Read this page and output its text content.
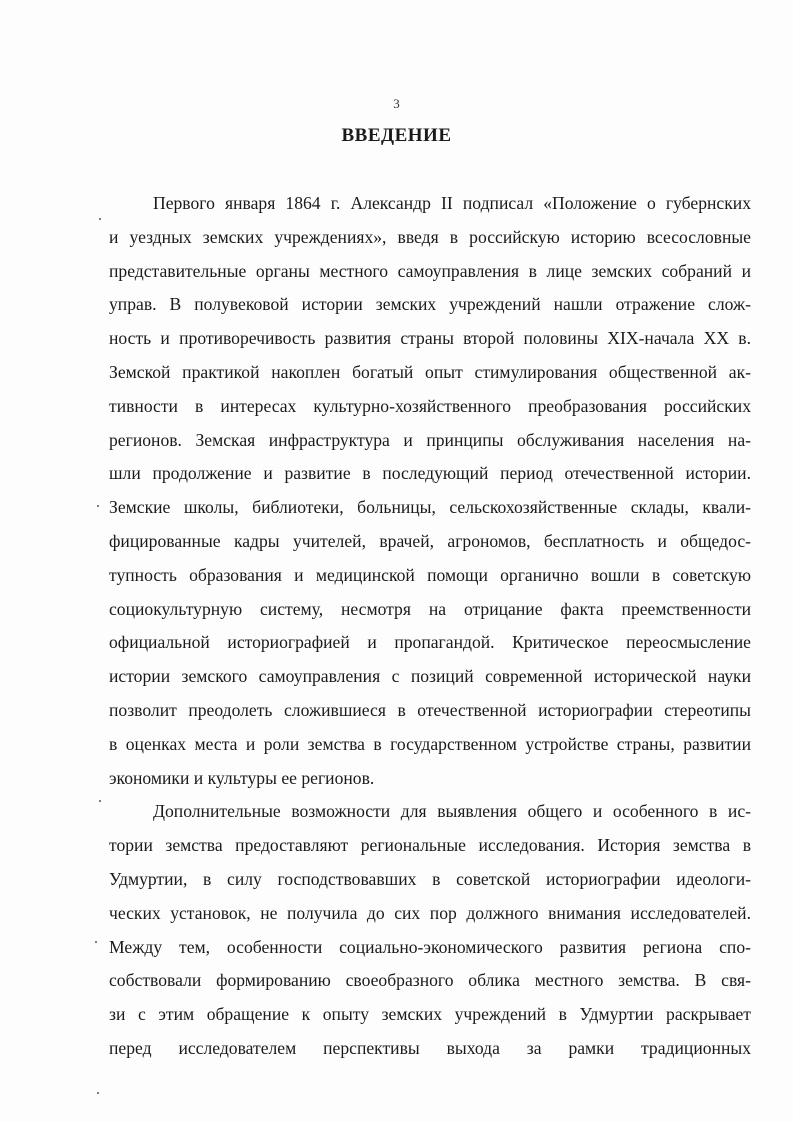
3
ВВЕДЕНИЕ
Первого января 1864 г. Александр II подписал «Положение о губернских
и уездных земских учреждениях», введя в российскую историю всесословные
представительные органы местного самоуправления в лице земских собраний и
управ. В полувековой истории земских учреждений нашли отражение слож-
ность и противоречивость развития страны второй половины XIX-начала XX в.
Земской практикой накоплен богатый опыт стимулирования общественной ак-
тивности в интересах культурно-хозяйственного преобразования российских
регионов. Земская инфраструктура и принципы обслуживания населения на-
шли продолжение и развитие в последующий период отечественной истории.
Земские школы, библиотеки, больницы, сельскохозяйственные склады, квали-
фицированные кадры учителей, врачей, агрономов, бесплатность и общедос-
тупность образования и медицинской помощи органично вошли в советскую
социокультурную систему, несмотря на отрицание факта преемственности
официальной историографией и пропагандой. Критическое переосмысление
истории земского самоуправления с позиций современной исторической науки
позволит преодолеть сложившиеся в отечественной историографии стереотипы
в оценках места и роли земства в государственном устройстве страны, развитии
экономики и культуры ее регионов.
Дополнительные возможности для выявления общего и особенного в ис-
тории земства предоставляют региональные исследования. История земства в
Удмуртии, в силу господствовавших в советской историографии идеологи-
ческих установок, не получила до сих пор должного внимания исследователей.
Между тем, особенности социально-экономического развития региона спо-
собствовали формированию своеобразного облика местного земства. В свя-
зи с этим обращение к опыту земских учреждений в Удмуртии раскрывает
перед исследователем перспективы выхода за рамки традиционных
